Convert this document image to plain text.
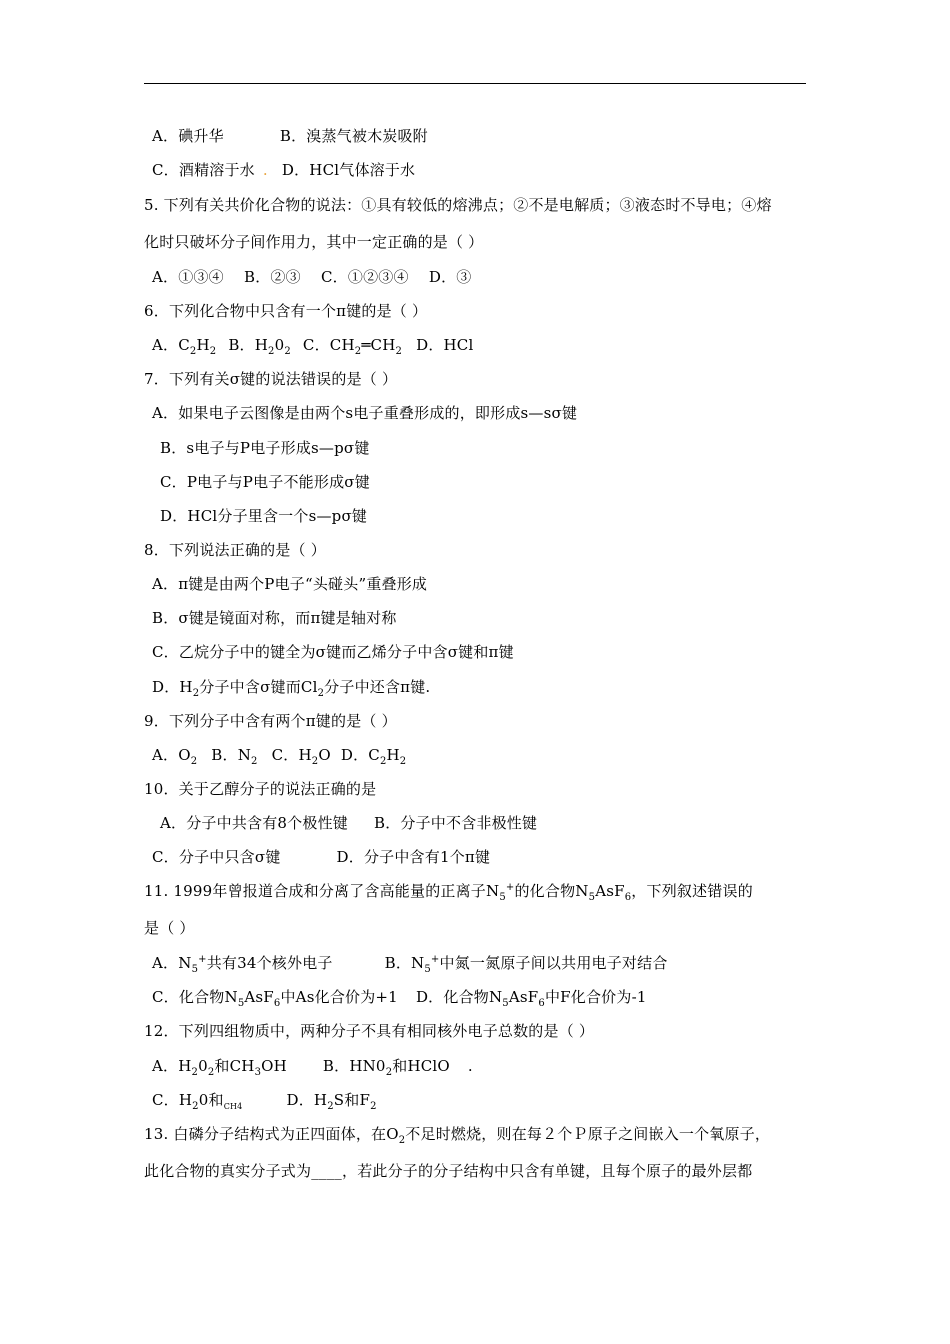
A．碘升华	B．溴蒸气被木炭吸附
C．酒精溶于水 . D．HCl气体溶于水
5. 下列有关共价化合物的说法：①具有较低的熔沸点；②不是电解质；③液态时不导电；④熔
化时只破坏分子间作用力，其中一定正确的是（ ）
A．①③④　 B．②③　 C．①②③④　 D．③
6．下列化合物中只含有一个π键的是（ ）
A．$C_2H_2$ B．$H_20_2$ C．$CH_2═CH_2$ D．HCl
7．下列有关σ键的说法错误的是（ ）
A．如果电子云图像是由两个s电子重叠形成的，即形成s—sσ键
B．s电子与P电子形成s—pσ键
C．P电子与P电子不能形成σ键
D．HCl分子里含一个s—pσ键
8．下列说法正确的是（ ）
A．π键是由两个P电子“头碰头”重叠形成
B．σ键是镜面对称，而π键是轴对称
C．乙烷分子中的键全为σ键而乙烯分子中含σ键和π键
D．$H_2$分子中含σ键而$Cl_2$分子中还含π键.
9．下列分子中含有两个π键的是（ ）
A．$O_2$ B．$N_2$ C．$H_2O$ D．$C_2H_2$
10．关于乙醇分子的说法正确的是
A．分子中共含有8个极性键 B．分子中不含非极性键
C．分子中只含σ键	D．分子中含有1个π键
11. 1999年曾报道合成和分离了含高能量的正离子$N_5^+$的化合物$N_5AsF_6$，下列叙述错误的
是（ ）
A．$N_5^+$共有34个核外电子	B．$N_5^+$中氮一氮原子间以共用电子对结合
C．化合物$N_5AsF_6$中As化合价为+1 D．化合物$N_5AsF_6$中F化合价为-1
12．下列四组物质中，两种分子不具有相同核外电子总数的是（ ）
A．$H_20_2$和$CH_3OH$ B．$HN0_2$和HClO .
C．$H_20$和$_{CH4}$	D．$H_2S$和$F_2$
13. 白磷分子结构式为正四面体，在$O_2$不足时燃烧，则在每２个Ｐ原子之间嵌入一个氧原子，
此化合物的真实分子式为____，若此分子的分子结构中只含有单键，且每个原子的最外层都
